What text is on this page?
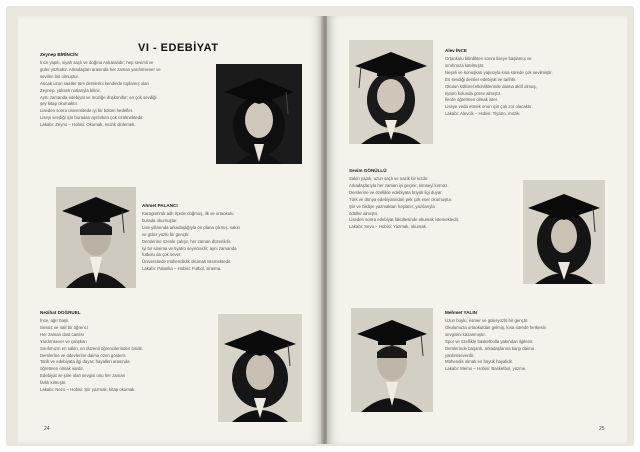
VI - EDEBİYAT
Zeynep BİRİNCİN

İnce yapılı, siyah saçlı ve doğma Ankaralıdır; hep sevimli ve

güler yüzlüdür. Arkadaşları arasında her zaman yardımsever ve

sevilen biri olmuştur.

Ancak uzun saatler tüm derslerini kendinde toplamış olan

Zeynep, yüksek notlarıyla bilinir.

Aynı zamanda edebiyat ve müziğe düşkündür; en çok sevdiği

şey kitap okumaktır.

Liseden sonra üniversitede iyi bir bölüm hedefler.

Liseyi sevdiği için buradan ayrılırken çok üzülmektedir.

Lakabı: Zeyno – Hobisi: Okumak, müzik dinlemek.

Ahmet PALANCI

Karagümrük adlı ilçede doğmuş, ilk ve ortaokulu

burada okumuştur.

Lise yıllarında arkadaşlığıyla ön plana çıkmış, sakin

ve güler yüzlü bir gençtir.

Derslerine özenle çalışır, her zaman düzenlidir.

İyi bir sinema ve tiyatro seyircisidir; aynı zamanda

futbolu da çok sever.

Üniversitede mühendislik okumak istemektedir.

Lakabı: Palanka – Hobisi: Futbol, sinema.

Nezihat DOĞRUEL

İnce, ağır başlı

Sessiz ve naif bir öğrenci

Her zaman dost canlısı

Yardımsever ve çalışkan

Sınıfımızın en sakin, en düzenli öğrencilerinden biridir.

Derslerine ve ödevlerine daima özen gösterir.

Tarih ve edebiyata ilgi duyar; hayalleri arasında

öğretmen olmak vardır.

Edebiyat ve şiire olan sevgisi onu her zaman

farklı kılmıştır.

Lakabı: Nezo – Hobisi: Şiir yazmak, kitap okumak.

24
Alev İNCE

Ortaokulu bitirdikten sonra liseye başlamış ve

sınıfımıza katılmıştır.

Neşeli ve konuşkan yapısıyla kısa sürede çok sevilmiştir.

En sevdiği dersler edebiyat ve tarihtir.

Okulun kültürel etkinliklerinde daima aktif olmuş,

tiyatro kolunda görev almıştır.

İlerde öğretmen olmak ister.

Liseye veda etmek onun için çok zor olacaktır.

Lakabı: Alevcik – Hobisi: Tiyatro, müzik.

Sevim GÖNÜLLÜ

Sakin yapılı, uzun saçlı ve nazik bir kızdır.

Arkadaşlarıyla her zaman iyi geçinir, kimseyi kırmaz.

Derslerine ve özellikle edebiyata büyük ilgi duyar.

Türk ve dünya edebiyatından pek çok eser okumuştur.

Şiir ve hikâye yazmaktan hoşlanır; yazılarıyla

ödüller almıştır.

Liseden sonra edebiyat fakültesinde okumak istemektedir.

Lakabı: Sevo – Hobisi: Yazmak, okumak.

Mehmet YALIN

Uzun boylu, esmer ve güleryüzlü bir gençtir.

Okulumuza ortaokuldan gelmiş, kısa sürede herkesin

sevgisini kazanmıştır.

Spor ve özellikle basketbolla yakından ilgilenir.

Derslerinde başarılı, arkadaşlarına karşı daima

yardımseverdir.

Mühendis olmak en büyük hayalidir.

Lakabı: Memo – Hobisi: Basketbol, yüzme.

25
